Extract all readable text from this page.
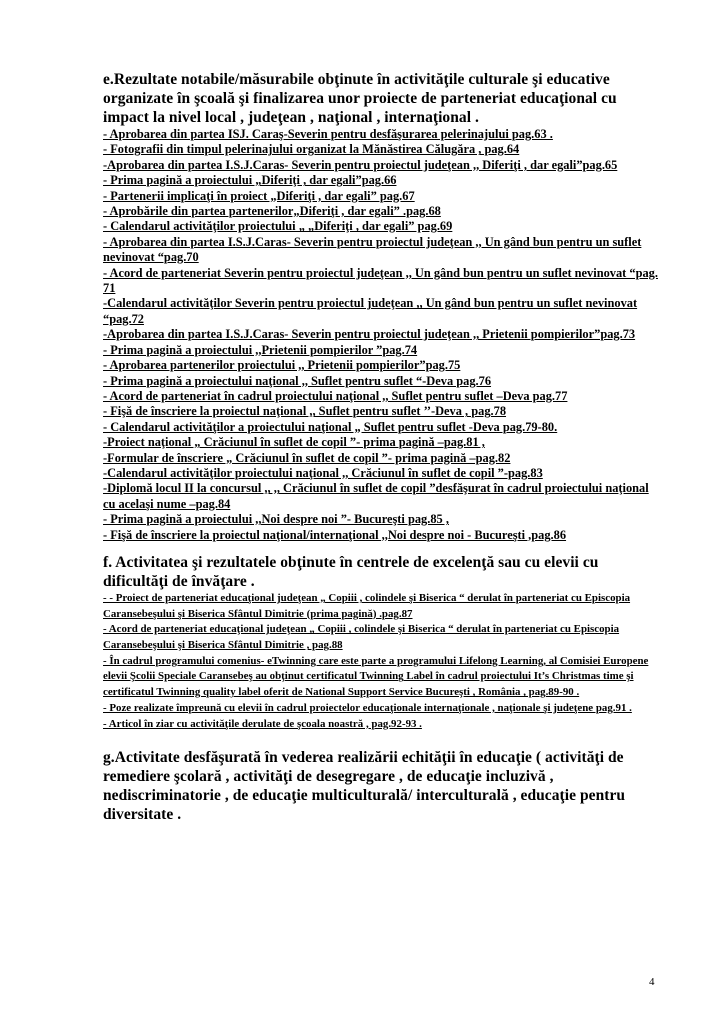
e.Rezultate notabile/măsurabile obţinute în activităţile culturale şi educative organizate în şcoală şi finalizarea unor proiecte de parteneriat educaţional cu impact la nivel local , judeţean , naţional , internaţional .

- Aprobarea din partea ISJ. Caraş-Severin pentru desfăşurarea pelerinajului pag.63 .
- Fotografii din timpul pelerinajului organizat la Mănăstirea Călugăra , pag.64
-Aprobarea din partea I.S.J.Caras- Severin pentru proiectul judeţean ,, Diferiţi , dar egali”pag.65
- Prima pagină a proiectului „Diferiţi , dar egali”pag.66
- Partenerii implicaţi în proiect „Diferiţi , dar egali” pag.67
- Aprobările din partea partenerilor„Diferiţi , dar egali” .pag.68
- Calendarul activităţilor proiectului „ „Diferiţi , dar egali” pag.69
- Aprobarea din partea I.S.J.Caras- Severin pentru proiectul judeţean ,, Un gând bun pentru un suflet nevinovat “pag.70
- Acord de parteneriat Severin pentru proiectul judeţean ,, Un gând bun pentru un suflet nevinovat “pag. 71
-Calendarul activităţilor Severin pentru proiectul judeţean ,, Un gând bun pentru un suflet nevinovat “pag.72
-Aprobarea din partea I.S.J.Caras- Severin pentru proiectul judeţean ,, Prietenii pompierilor”pag.73
- Prima pagină a proiectului ,,Prietenii pompierilor ”pag.74
- Aprobarea partenerilor proiectului ,, Prietenii pompierilor”pag.75
- Prima pagină a proiectului naţional ,, Suflet pentru suflet “-Deva pag.76
- Acord de parteneriat în cadrul proiectului naţional ,, Suflet pentru suflet –Deva pag.77
- Fişă de înscriere la proiectul naţional ,, Suflet pentru suflet ’’-Deva , pag.78
- Calendarul activităţilor a proiectului naţional „ Suflet pentru suflet -Deva pag.79-80.
-Proiect naţional „ Crăciunul în suflet de copil ”- prima pagină –pag.81 ,
-Formular de înscriere „ Crăciunul în suflet de copil ”- prima pagină –pag.82
-Calendarul activităţilor proiectului naţional ,, Crăciunul în suflet de copil ”-pag.83
-Diplomă locul II la concursul ,, ,, Crăciunul în suflet de copil ”desfăşurat în cadrul proiectului naţional cu acelaşi nume –pag.84
- Prima pagină a proiectului ,,Noi despre noi ”- Bucureşti pag.85 ,
- Fişă de înscriere la proiectul naţional/internaţional ,,Noi despre noi - Bucureşti ,pag.86

f. Activitatea şi rezultatele obţinute în centrele de excelenţă sau cu elevii cu dificultăţi de învăţare .

- - Proiect de parteneriat educaţional judeţean „ Copiii , colindele şi Biserica “ derulat în parteneriat cu Episcopia Caransebeşului şi Biserica Sfântul Dimitrie (prima pagină) .pag.87
- Acord de parteneriat educaţional judeţean „ Copiii , colindele şi Biserica “ derulat în parteneriat cu Episcopia Caransebeşului şi Biserica Sfântul Dimitrie , pag.88
- În cadrul programului comenius- eTwinning care este parte a programului Lifelong Learning, al Comisiei Europene elevii Şcolii Speciale Caransebeş au obţinut certificatul Twinning Label în cadrul proiectului It’s Christmas time şi certificatul Twinning quality label oferit de National Support Service Bucureşti , România , pag.89-90 .
- Poze realizate împreună cu elevii în cadrul proiectelor educaţionale internaţionale , naţionale şi judeţene pag.91 .
- Articol în ziar cu activităţile derulate de şcoala noastră , pag.92-93 .

g.Activitate desfăşurată în vederea realizării echităţii în educaţie ( activităţi de remediere şcolară , activităţi de desegregare , de educaţie incluzivă , nediscriminatorie , de educaţie multiculturală/ interculturală , educaţie pentru diversitate .

4
